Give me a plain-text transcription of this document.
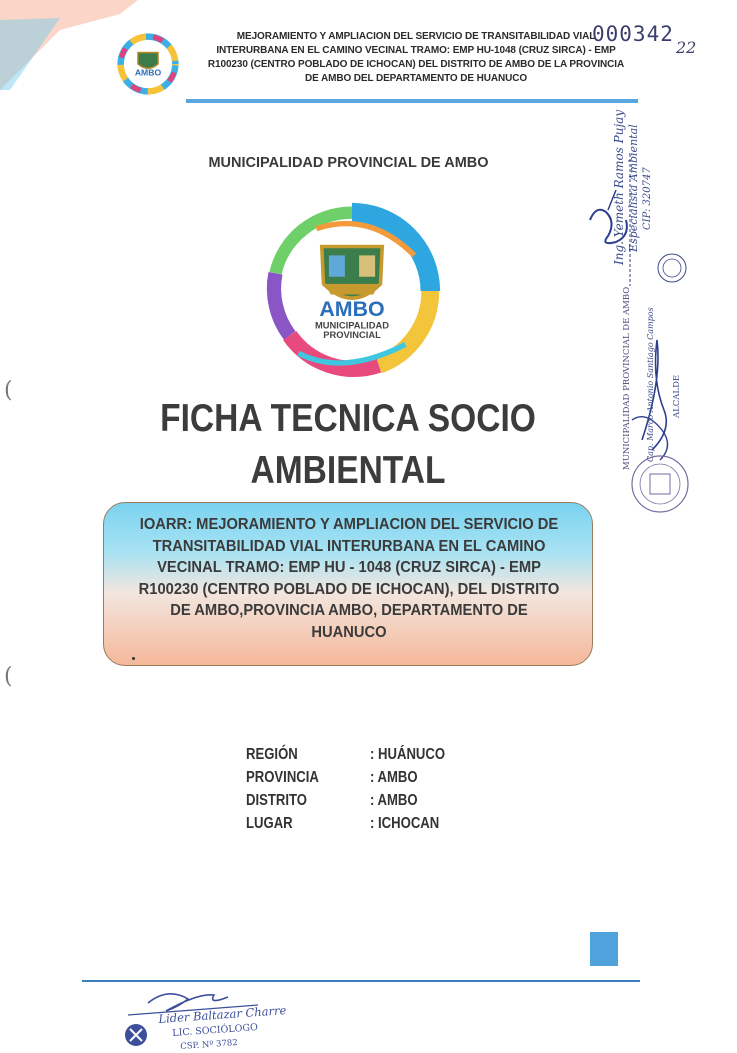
AMBO
MEJORAMIENTO Y AMPLIACION DEL SERVICIO DE TRANSITABILIDAD VIAL INTERURBANA EN EL CAMINO VECINAL TRAMO: EMP HU-1048 (CRUZ SIRCA) - EMP R100230 (CENTRO POBLADO DE ICHOCAN) DEL DISTRITO DE AMBO DE LA PROVINCIA DE AMBO DEL DEPARTAMENTO DE HUANUCO
000342
22
MUNICIPALIDAD PROVINCIAL DE AMBO
AMBO
MUNICIPALIDAD
PROVINCIAL
FICHA TECNICA SOCIO
AMBIENTAL
IOARR: MEJORAMIENTO Y AMPLIACION DEL SERVICIO DE
TRANSITABILIDAD VIAL INTERURBANA EN EL CAMINO
VECINAL TRAMO: EMP HU - 1048 (CRUZ SIRCA) - EMP
R100230 (CENTRO POBLADO DE ICHOCAN), DEL DISTRITO
DE AMBO,PROVINCIA AMBO, DEPARTAMENTO DE
HUANUCO
REGIÓN	: HUÁNUCO
PROVINCIA	: AMBO
DISTRITO	: AMBO
LUGAR	: ICHOCAN
Ing. Yemeth Ramos Pujay Especialista Ambiental CIP: 320747
MUNICIPALIDAD PROVINCIAL DE AMBO Cap. Marco Antonio Santiago Campos ALCALDE
(
(
Lider Baltazar Charre
LIC. SOCIÓLOGO
CSP. Nº 3782
